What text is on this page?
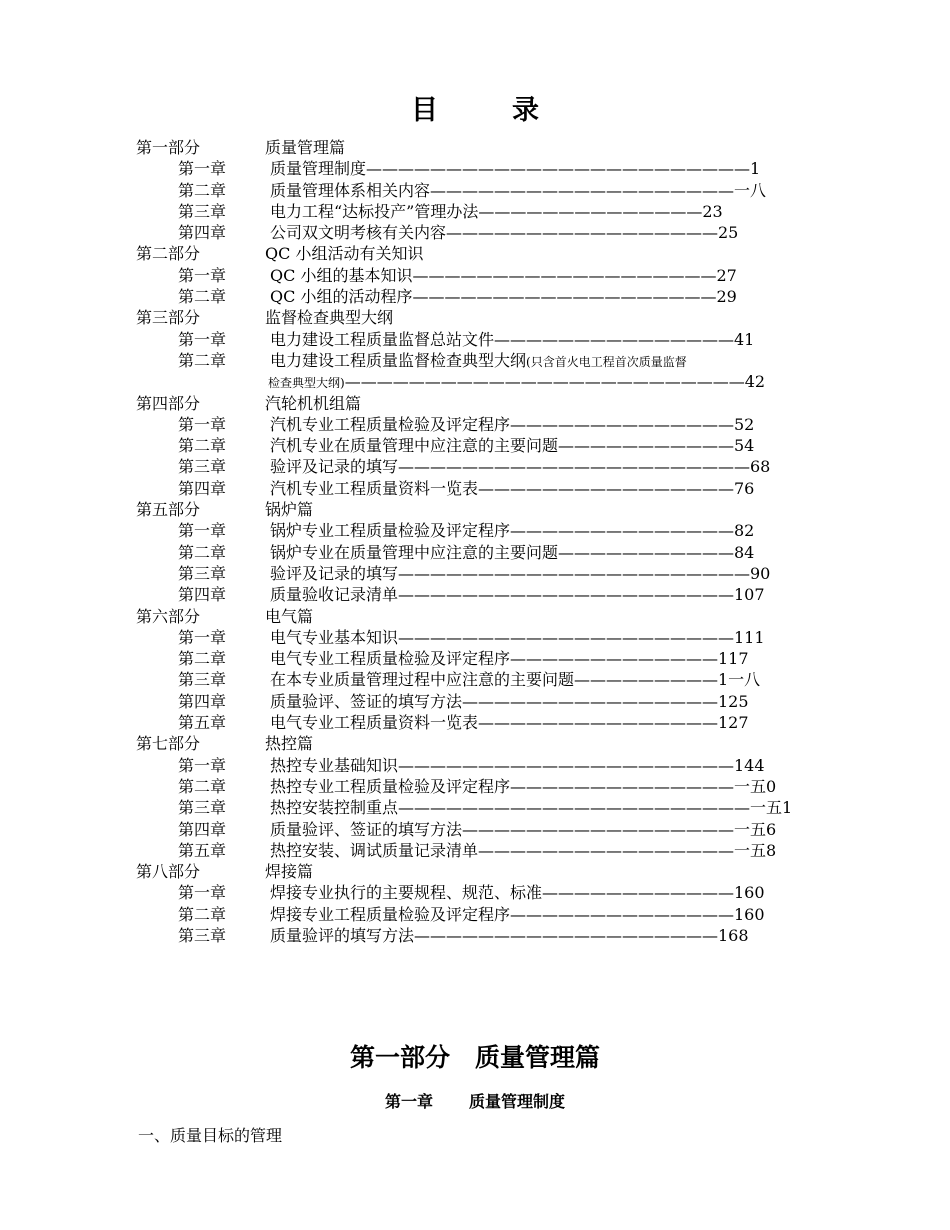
目	录
第一部分	质量管理篇
第一章	质量管理制度————————————————————————1
第二章	质量管理体系相关内容———————————————————一八
第三章	电力工程“达标投产”管理办法——————————————23
第四章	公司双文明考核有关内容—————————————————25
第二部分	QC 小组活动有关知识
第一章	QC 小组的基本知识———————————————————27
第二章	QC 小组的活动程序———————————————————29
第三部分	监督检查典型大纲
第一章	电力建设工程质量监督总站文件———————————————41
第二章	电力建设工程质量监督检查典型大纲(只含首火电工程首次质量监督
检查典型大纲)—————————————————————————42
第四部分	汽轮机机组篇
第一章	汽机专业工程质量检验及评定程序——————————————52
第二章	汽机专业在质量管理中应注意的主要问题———————————54
第三章	验评及记录的填写——————————————————————68
第四章	汽机专业工程质量资料一览表————————————————76
第五部分	锅炉篇
第一章	锅炉专业工程质量检验及评定程序——————————————82
第二章	锅炉专业在质量管理中应注意的主要问题———————————84
第三章	验评及记录的填写——————————————————————90
第四章	质量验收记录清单—————————————————————107
第六部分	电气篇
第一章	电气专业基本知识—————————————————————111
第二章	电气专业工程质量检验及评定程序—————————————117
第三章	在本专业质量管理过程中应注意的主要问题—————————1一八
第四章	质量验评、签证的填写方法————————————————125
第五章	电气专业工程质量资料一览表———————————————127
第七部分	热控篇
第一章	热控专业基础知识—————————————————————144
第二章	热控专业工程质量检验及评定程序——————————————一五0
第三章	热控安装控制重点——————————————————————一五1
第四章	质量验评、签证的填写方法—————————————————一五6
第五章	热控安装、调试质量记录清单————————————————一五8
第八部分	焊接篇
第一章	焊接专业执行的主要规程、规范、标准————————————160
第二章	焊接专业工程质量检验及评定程序——————————————160
第三章	质量验评的填写方法———————————————————168
第一部分　质量管理篇
第一章 质量管理制度
一、质量目标的管理
